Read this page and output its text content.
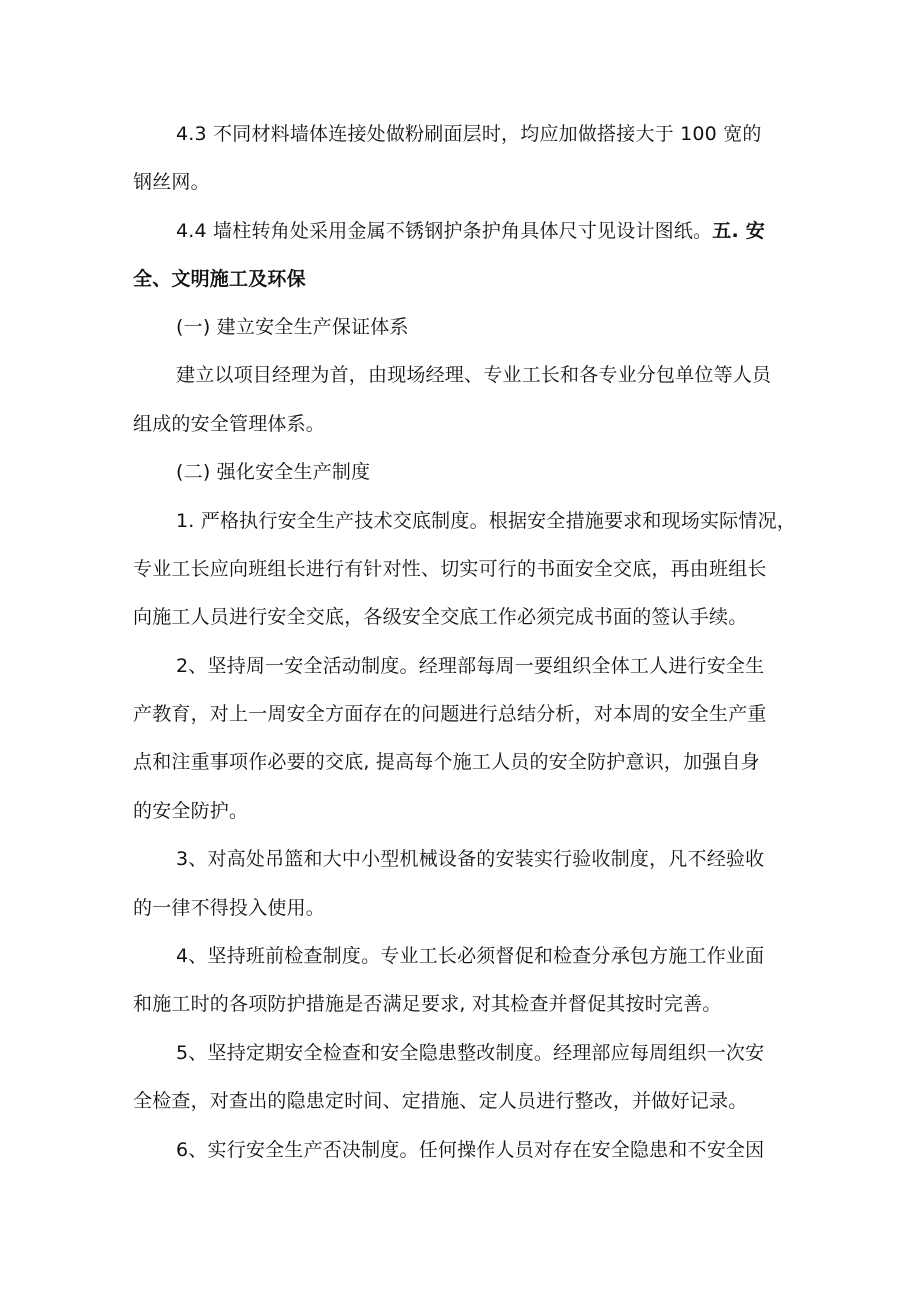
4.3 不同材料墙体连接处做粉刷面层时，均应加做搭接大于 100 宽的
钢丝网。
4.4 墙柱转角处采用金属不锈钢护条护角具体尺寸见设计图纸。五. 安
全、文明施工及环保
(一) 建立安全生产保证体系
建立以项目经理为首，由现场经理、专业工长和各专业分包单位等人员
组成的安全管理体系。
(二) 强化安全生产制度
1. 严格执行安全生产技术交底制度。根据安全措施要求和现场实际情况，
专业工长应向班组长进行有针对性、切实可行的书面安全交底，再由班组长
向施工人员进行安全交底，各级安全交底工作必须完成书面的签认手续。
2、坚持周一安全活动制度。经理部每周一要组织全体工人进行安全生
产教育，对上一周安全方面存在的问题进行总结分析，对本周的安全生产重
点和注重事项作必要的交底, 提高每个施工人员的安全防护意识，加强自身
的安全防护。
3、对高处吊篮和大中小型机械设备的安装实行验收制度，凡不经验收
的一律不得投入使用。
4、坚持班前检查制度。专业工长必须督促和检查分承包方施工作业面
和施工时的各项防护措施是否满足要求, 对其检查并督促其按时完善。
5、坚持定期安全检查和安全隐患整改制度。经理部应每周组织一次安
全检查，对查出的隐患定时间、定措施、定人员进行整改，并做好记录。
6、实行安全生产否决制度。任何操作人员对存在安全隐患和不安全因
